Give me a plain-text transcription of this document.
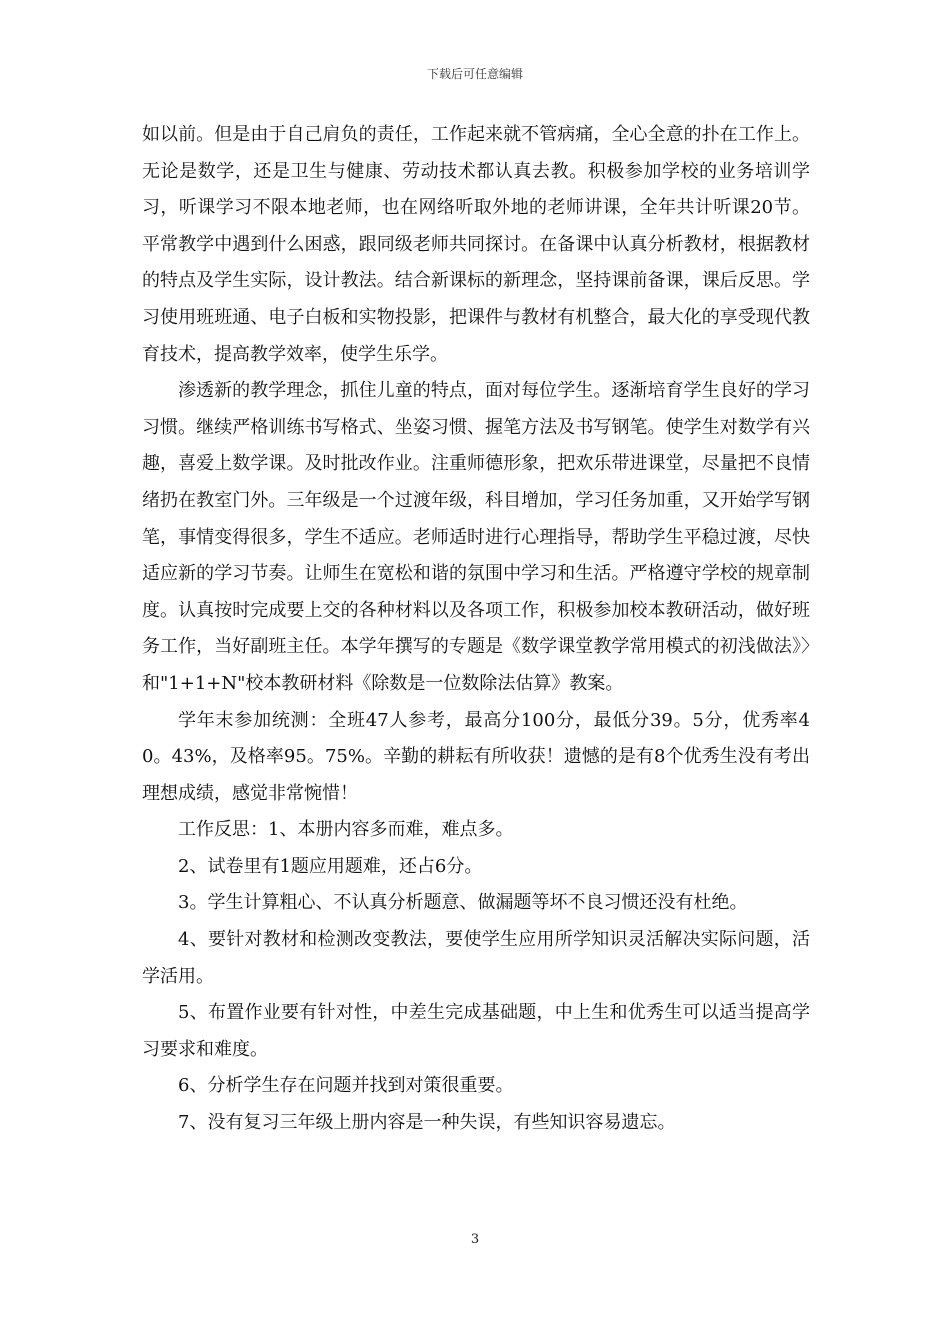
下载后可任意编辑

如以前。但是由于自己肩负的责任，工作起来就不管病痛，全心全意的扑在工作上。无论是数学，还是卫生与健康、劳动技术都认真去教。积极参加学校的业务培训学习，听课学习不限本地老师，也在网络听取外地的老师讲课，全年共计听课20节。平常教学中遇到什么困惑，跟同级老师共同探讨。在备课中认真分析教材，根据教材的特点及学生实际，设计教法。结合新课标的新理念，坚持课前备课，课后反思。学习使用班班通、电子白板和实物投影，把课件与教材有机整合，最大化的享受现代教育技术，提高教学效率，使学生乐学。

渗透新的教学理念，抓住儿童的特点，面对每位学生。逐渐培育学生良好的学习习惯。继续严格训练书写格式、坐姿习惯、握笔方法及书写钢笔。使学生对数学有兴趣，喜爱上数学课。及时批改作业。注重师德形象，把欢乐带进课堂，尽量把不良情绪扔在教室门外。三年级是一个过渡年级，科目增加，学习任务加重，又开始学写钢笔，事情变得很多，学生不适应。老师适时进行心理指导，帮助学生平稳过渡，尽快适应新的学习节奏。让师生在宽松和谐的氛围中学习和生活。严格遵守学校的规章制度。认真按时完成要上交的各种材料以及各项工作，积极参加校本教研活动，做好班务工作，当好副班主任。本学年撰写的专题是《数学课堂教学常用模式的初浅做法》〉和"1+1+N"校本教研材料《除数是一位数除法估算》教案。

学年末参加统测：全班47人参考，最高分100分，最低分39。5分，优秀率40。43%，及格率95。75%。辛勤的耕耘有所收获！遗憾的是有8个优秀生没有考出理想成绩，感觉非常惋惜！

工作反思：1、本册内容多而难，难点多。

2、试卷里有1题应用题难，还占6分。

3。学生计算粗心、不认真分析题意、做漏题等坏不良习惯还没有杜绝。

4、要针对教材和检测改变教法，要使学生应用所学知识灵活解决实际问题，活学活用。

5、布置作业要有针对性，中差生完成基础题，中上生和优秀生可以适当提高学习要求和难度。

6、分析学生存在问题并找到对策很重要。

7、没有复习三年级上册内容是一种失误，有些知识容易遗忘。

3
